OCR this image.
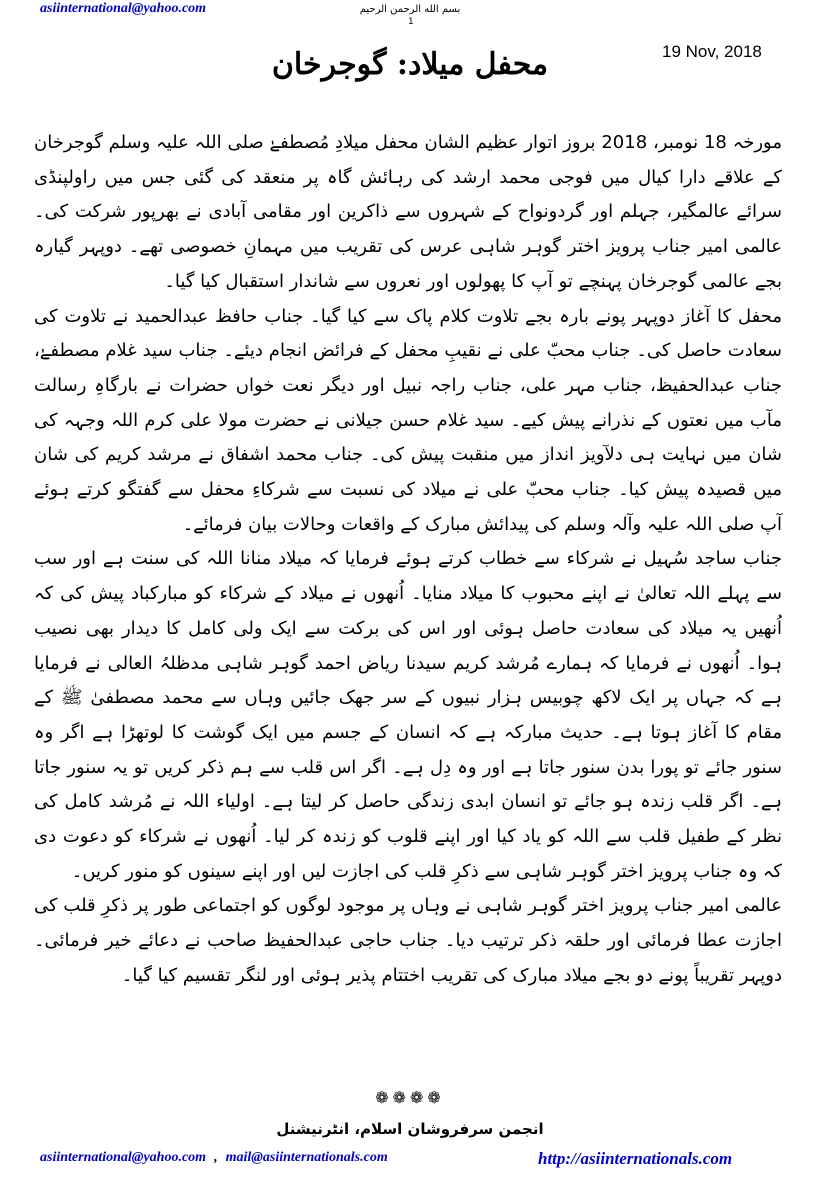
asiinternational@yahoo.com	بسم الله الرحمن الرحیم
1
19 Nov, 2018
محفل میلاد: گوجرخان

مورخہ 18 نومبر، 2018 بروز اتوار عظیم الشان محفل میلادِ مُصطفےٰ صلی اللہ علیہ وسلم گوجرخان کے علاقے دارا کیال میں فوجی محمد ارشد کی رہائش گاہ پر منعقد کی گئی جس میں راولپنڈی سرائے عالمگیر، جہلم اور گردونواح کے شہروں سے ذاکرین اور مقامی آبادی نے بھرپور شرکت کی۔ عالمی امیر جناب پرویز اختر گوہر شاہی عرس کی تقریب میں مہمانِ خصوصی تھے۔ دوپہر گیارہ بجے عالمی گوجرخان پہنچے تو آپ کا پھولوں اور نعروں سے شاندار استقبال کیا گیا۔

محفل کا آغاز دوپہر پونے بارہ بجے تلاوت کلام پاک سے کیا گیا۔ جناب حافظ عبدالحمید نے تلاوت کی سعادت حاصل کی۔ جناب محبّ علی نے نقیبِ محفل کے فرائض انجام دیئے۔ جناب سید غلام مصطفےٰ، جناب عبدالحفیظ، جناب مہر علی، جناب راجہ نبیل اور دیگر نعت خواں حضرات نے بارگاہِ رسالت مآب میں نعتوں کے نذرانے پیش کیے۔ سید غلام حسن جیلانی نے حضرت مولا علی کرم اللہ وجہہ کی شان میں نہایت ہی دلآویز انداز میں منقبت پیش کی۔ جناب محمد اشفاق نے مرشد کریم کی شان میں قصیدہ پیش کیا۔ جناب محبّ علی نے میلاد کی نسبت سے شرکاءِ محفل سے گفتگو کرتے ہوئے آپ صلی اللہ علیہ وآلہ وسلم کی پیدائش مبارک کے واقعات وحالات بیان فرمائے۔

جناب ساجد سُہیل نے شرکاء سے خطاب کرتے ہوئے فرمایا کہ میلاد منانا اللہ کی سنت ہے اور سب سے پہلے اللہ تعالیٰ نے اپنے محبوب کا میلاد منایا۔ اُنھوں نے میلاد کے شرکاء کو مبارکباد پیش کی کہ اُنھیں یہ میلاد کی سعادت حاصل ہوئی اور اس کی برکت سے ایک ولی کامل کا دیدار بھی نصیب ہوا۔ اُنھوں نے فرمایا کہ ہمارے مُرشد کریم سیدنا ریاض احمد گوہر شاہی مدظلہُ العالی نے فرمایا ہے کہ جہاں پر ایک لاکھ چوبیس ہزار نبیوں کے سر جھک جائیں وہاں سے محمد مصطفیٰ ﷺ کے مقام کا آغاز ہوتا ہے۔ حدیث مبارکہ ہے کہ انسان کے جسم میں ایک گوشت کا لوتھڑا ہے اگر وہ سنور جائے تو پورا بدن سنور جاتا ہے اور وہ دِل ہے۔ اگر اس قلب سے ہم ذکر کریں تو یہ سنور جاتا ہے۔ اگر قلب زندہ ہو جائے تو انسان ابدی زندگی حاصل کر لیتا ہے۔ اولیاء اللہ نے مُرشد کامل کی نظر کے طفیل قلب سے اللہ کو یاد کیا اور اپنے قلوب کو زندہ کر لیا۔ اُنھوں نے شرکاء کو دعوت دی کہ وہ جناب پرویز اختر گوہر شاہی سے ذکرِ قلب کی اجازت لیں اور اپنے سینوں کو منور کریں۔

عالمی امیر جناب پرویز اختر گوہر شاہی نے وہاں پر موجود لوگوں کو اجتماعی طور پر ذکرِ قلب کی اجازت عطا فرمائی اور حلقہ ذکر ترتیب دیا۔ جناب حاجی عبدالحفیظ صاحب نے دعائے خیر فرمائی۔ دوپہر تقریباً پونے دو بجے میلاد مبارک کی تقریب اختتام پذیر ہوئی اور لنگر تقسیم کیا گیا۔

❁❁❁❁
انجمن سرفروشان اسلام، انٹرنیشنل
asiinternational@yahoo.com , mail@asiinternationals.com	http://asiinternationals.com
